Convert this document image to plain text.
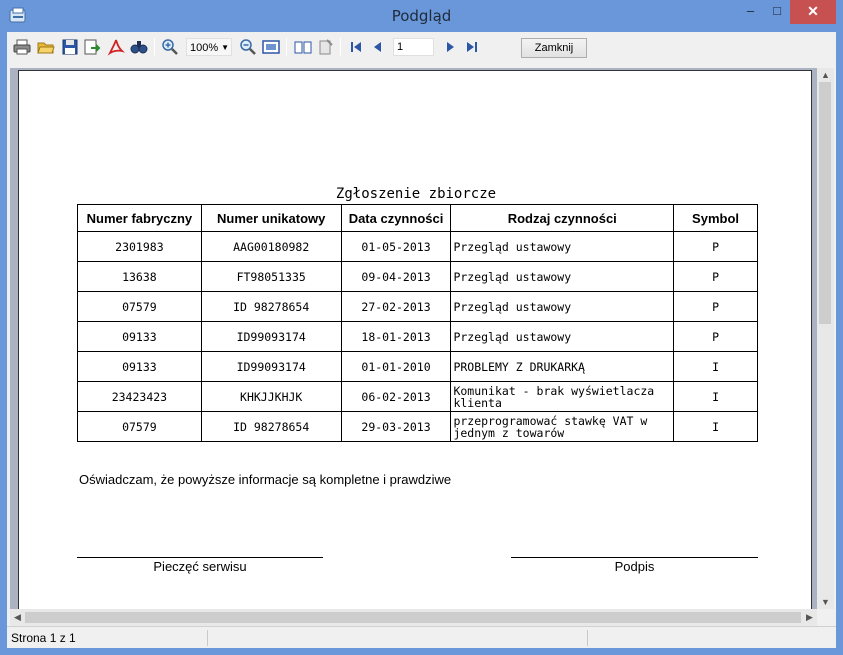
Podgląd	‒	□	✕
100% ▼	1	Zamknij
Zgłoszenie zbiorcze
Numer fabryczny	Numer unikatowy	Data czynności	Rodzaj czynności	Symbol
2301983	AAG00180982	01-05-2013	Przegląd ustawowy	P
13638	FT98051335	09-04-2013	Przegląd ustawowy	P
07579	ID 98278654	27-02-2013	Przegląd ustawowy	P
09133	ID99093174	18-01-2013	Przegląd ustawowy	P
09133	ID99093174	01-01-2010	PROBLEMY Z DRUKARKĄ	I
23423423	KHKJJKHJK	06-02-2013	Komunikat - brak wyświetlacza klienta	I
07579	ID 98278654	29-03-2013	przeprogramować stawkę VAT w jednym z towarów	I
Oświadczam, że powyższe informacje są kompletne i prawdziwe
Pieczęć serwisu	Podpis
▲
▼
◀	▶
Strona 1 z 1
